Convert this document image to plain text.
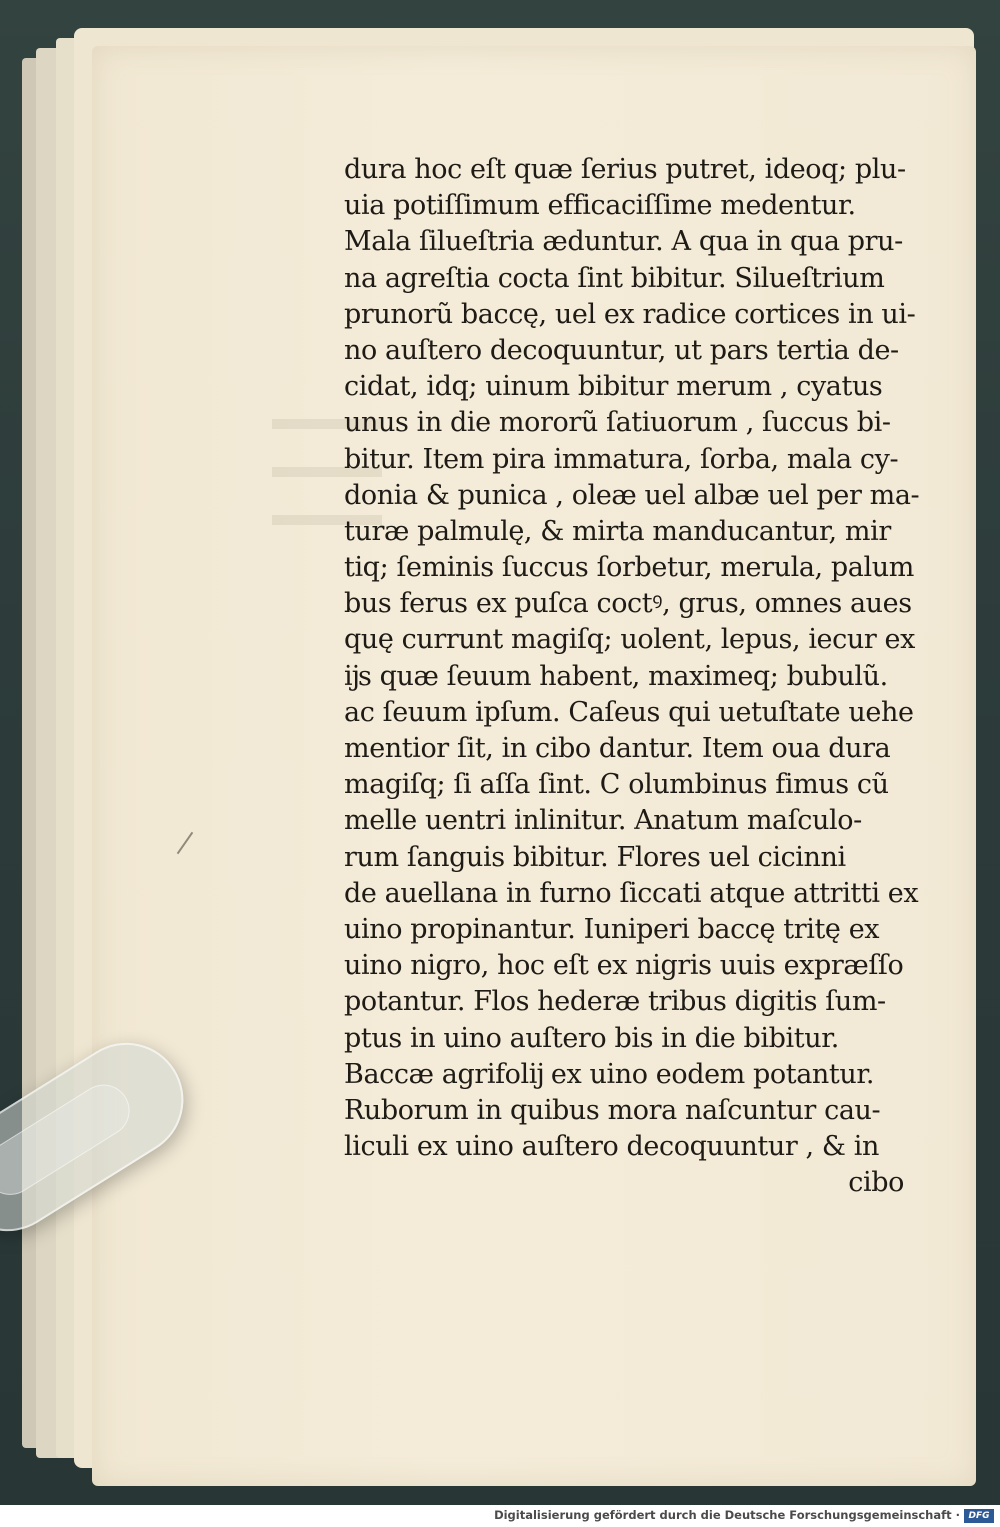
dura hoc eſt quæ ſerius putret, ideoq; plu-
uia potiſſimum efficaciſſime medentur.
Mala ſilueſtria æduntur. A qua in qua pru-
na agreſtia cocta ſint bibitur. Silueſtrium
prunorũ baccę, uel ex radice cortices in ui-
no auſtero decoquuntur, ut pars tertia de-
cidat, idq; uinum bibitur merum , cyatus
unus in die mororũ ſatiuorum , ſuccus bi-
bitur. Item pira immatura, ſorba, mala cy-
donia & punica , oleæ uel albæ uel per ma-
turæ palmulę, & mirta manducantur, mir
tiq; ſeminis ſuccus ſorbetur, merula, palum
bus ferus ex puſca coctꝰ, grus, omnes aues
quę currunt magiſq; uolent, lepus, iecur ex
ĳs quæ ſeuum habent, maximeq; bubulũ.
ac ſeuum ipſum. Caſeus qui uetuſtate uehe
mentior ſit, in cibo dantur. Item oua dura
magiſq; ſi aſſa ſint. C olumbinus fimus cũ
melle uentri inlinitur. Anatum maſculo-
rum ſanguis bibitur. Flores uel cicinni
de auellana in furno ſiccati atque attritti ex
uino propinantur. Iuniperi baccę tritę ex
uino nigro, hoc eſt ex nigris uuis expræſſo
potantur. Flos hederæ tribus digitis ſum-
ptus in uino auſtero bis in die bibitur.
Baccæ agrifolĳ ex uino eodem potantur.
Ruborum in quibus mora naſcuntur cau-
liculi ex uino auſtero decoquuntur , & in
cibo
Digitalisierung gefördert durch die Deutsche Forschungsgemeinschaft · DFG
